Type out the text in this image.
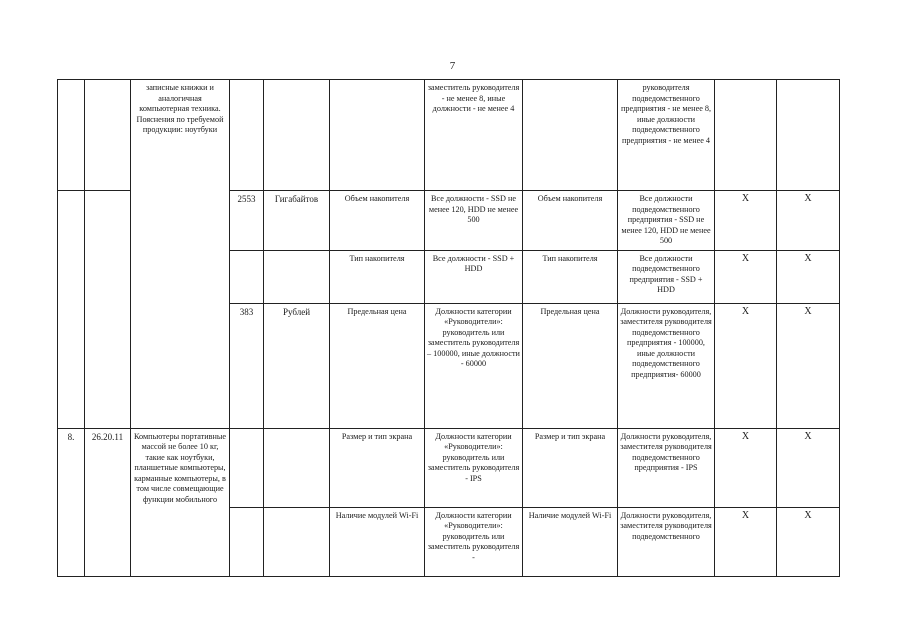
7

		записные книжки и аналогичная компьютерная техника. Пояснения по требуемой продукции: ноутбуки				заместитель руководителя - не менее 8, иные должности - не менее 4		руководителя подведомственного предприятия - не менее 8, иные должности подведомственного предприятия - не менее 4		
			2553	Гигабайтов	Объем накопителя	Все должности - SSD не менее 120, HDD не менее 500	Объем накопителя	Все должности подведомственного предприятия - SSD не менее 120, HDD не менее 500	X	X
					Тип накопителя	Все должности - SSD + HDD	Тип накопителя	Все должности подведомственного предприятия - SSD + HDD	X	X
			383	Рублей	Предельная цена	Должности категории «Руководители»: руководитель или заместитель руководителя – 100000, иные должности - 60000	Предельная цена	Должности руководителя, заместителя руководителя подведомственного предприятия - 100000, иные должности подведомственного предприятия- 60000	X	X
8.	26.20.11	Компьютеры портативные массой не более 10 кг, такие как ноутбуки, планшетные компьютеры, карманные компьютеры, в том числе совмещающие функции мобильного			Размер и тип экрана	Должности категории «Руководители»: руководитель или заместитель руководителя - IPS	Размер и тип экрана	Должности руководителя, заместителя руководителя подведомственного предприятия - IPS	X	X

					Наличие модулей Wi-Fi	Должности категории «Руководители»: руководитель или заместитель руководителя -	Наличие модулей Wi-Fi	Должности руководителя, заместителя руководителя подведомственного	X	X
